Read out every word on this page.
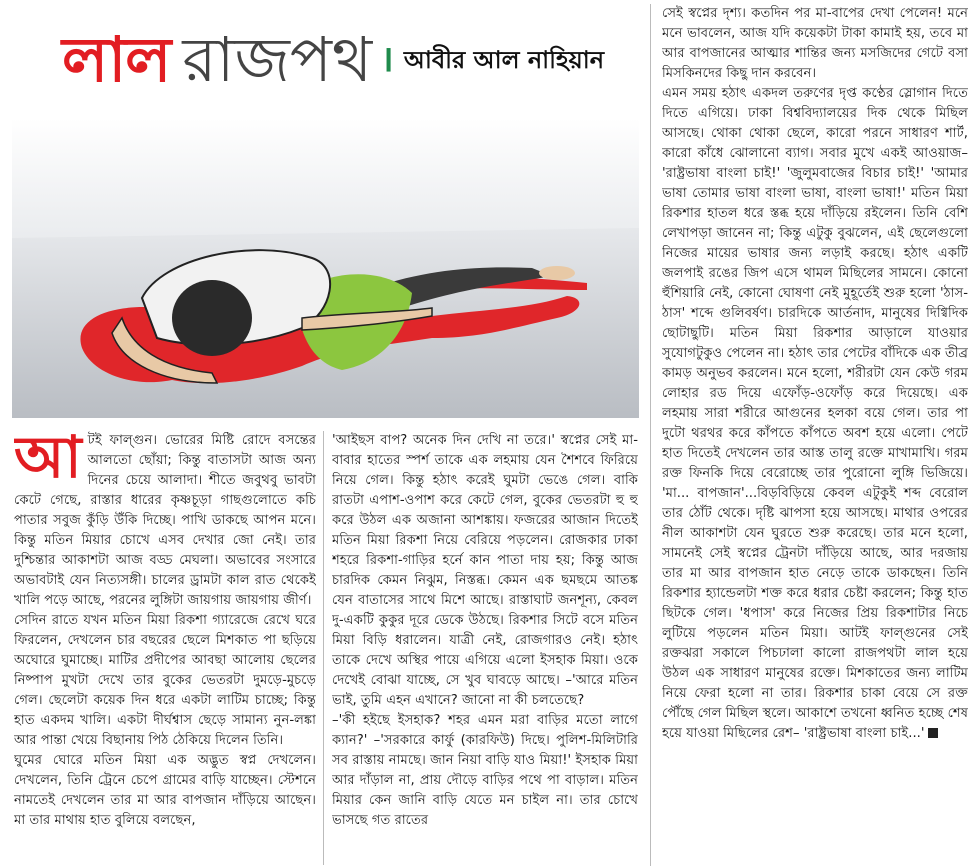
লাল রাজপথ । আবীর আল নাহিয়ান

আটই ফাল্গুন। ভোরের মিষ্টি রোদে বসন্তের আলতো ছোঁয়া; কিন্তু বাতাসটা আজ অন্য দিনের চেয়ে আলাদা। শীতে জবুথবু ভাবটা কেটে গেছে, রাস্তার ধারের কৃষ্ণচূড়া গাছগুলোতে কচি পাতার সবুজ কুঁড়ি উঁকি দিচ্ছে। পাখি ডাকছে আপন মনে। কিন্তু মতিন মিয়ার চোখে এসব দেখার জো নেই। তার দুশ্চিন্তার আকাশটা আজ বড্ড মেঘলা। অভাবের সংসারে অভাবটাই যেন নিত্যসঙ্গী। চালের ড্রামটা কাল রাত থেকেই খালি পড়ে আছে, পরনের লুঙ্গিটা জায়গায় জায়গায় জীর্ণ।

সেদিন রাতে যখন মতিন মিয়া রিকশা গ্যারেজে রেখে ঘরে ফিরলেন, দেখলেন চার বছরের ছেলে মিশকাত পা ছড়িয়ে অঘোরে ঘুমাচ্ছে। মাটির প্রদীপের আবছা আলোয় ছেলের নিষ্পাপ মুখটা দেখে তার বুকের ভেতরটা দুমড়ে-মুচড়ে গেল। ছেলেটা কয়েক দিন ধরে একটা লাটিম চাচ্ছে; কিন্তু হাত একদম খালি। একটা দীর্ঘশ্বাস ছেড়ে সামান্য নুন-লঙ্কা আর পান্তা খেয়ে বিছানায় পিঠ ঠেকিয়ে দিলেন তিনি।

ঘুমের ঘোরে মতিন মিয়া এক অদ্ভুত স্বপ্ন দেখলেন। দেখলেন, তিনি ট্রেনে চেপে গ্রামের বাড়ি যাচ্ছেন। স্টেশনে নামতেই দেখলেন তার মা আর বাপজান দাঁড়িয়ে আছেন। মা তার মাথায় হাত বুলিয়ে বলছেন,

'আইছস বাপ? অনেক দিন দেখি না তরে।' স্বপ্নের সেই মা-বাবার হাতের স্পর্শ তাকে এক লহমায় যেন শৈশবে ফিরিয়ে নিয়ে গেল। কিন্তু হঠাৎ করেই ঘুমটা ভেঙে গেল। বাকি রাতটা এপাশ-ওপাশ করে কেটে গেল, বুকের ভেতরটা হু হু করে উঠল এক অজানা আশঙ্কায়। ফজরের আজান দিতেই মতিন মিয়া রিকশা নিয়ে বেরিয়ে পড়লেন। রোজকার ঢাকা শহরে রিকশা-গাড়ির হর্নে কান পাতা দায় হয়; কিন্তু আজ চারদিক কেমন নিঝুম, নিস্তব্ধ। কেমন এক ছমছমে আতঙ্ক যেন বাতাসের সাথে মিশে আছে। রাস্তাঘাট জনশূন্য, কেবল দু-একটি কুকুর দূরে ডেকে উঠছে। রিকশার সিটে বসে মতিন মিয়া বিড়ি ধরালেন। যাত্রী নেই, রোজগারও নেই। হঠাৎ তাকে দেখে অস্থির পায়ে এগিয়ে এলো ইসহাক মিয়া। ওকে দেখেই বোঝা যাচ্ছে, সে খুব ঘাবড়ে আছে। –'আরে মতিন ভাই, তুমি এহন এখানে? জানো না কী চলতেছে?

–'কী হইছে ইসহাক? শহর এমন মরা বাড়ির মতো লাগে ক্যান?' –'সরকারে কার্ফু (কারফিউ) দিছে। পুলিশ-মিলিটারি সব রাস্তায় নামছে। জান নিয়া বাড়ি যাও মিয়া!' ইসহাক মিয়া আর দাঁড়াল না, প্রায় দৌড়ে বাড়ির পথে পা বাড়াল। মতিন মিয়ার কেন জানি বাড়ি যেতে মন চাইল না। তার চোখে ভাসছে গত রাতের

সেই স্বপ্নের দৃশ্য। কতদিন পর মা-বাপের দেখা পেলেন! মনে মনে ভাবলেন, আজ যদি কয়েকটা টাকা কামাই হয়, তবে মা আর বাপজানের আত্মার শান্তির জন্য মসজিদের গেটে বসা মিসকিনদের কিছু দান করবেন।

এমন সময় হঠাৎ একদল তরুণের দৃপ্ত কণ্ঠের স্লোগান দিতে দিতে এগিয়ে। ঢাকা বিশ্ববিদ্যালয়ের দিক থেকে মিছিল আসছে। থোকা থোকা ছেলে, কারো পরনে সাধারণ শার্ট, কারো কাঁধে ঝোলানো ব্যাগ। সবার মুখে একই আওয়াজ– 'রাষ্ট্রভাষা বাংলা চাই!' 'জুলুমবাজের বিচার চাই!' 'আমার ভাষা তোমার ভাষা বাংলা ভাষা, বাংলা ভাষা!' মতিন মিয়া রিকশার হাতল ধরে স্তব্ধ হয়ে দাঁড়িয়ে রইলেন। তিনি বেশি লেখাপড়া জানেন না; কিন্তু এটুকু বুঝলেন, এই ছেলেগুলো নিজের মায়ের ভাষার জন্য লড়াই করছে। হঠাৎ একটি জলপাই রঙের জিপ এসে থামল মিছিলের সামনে। কোনো হুঁশিয়ারি নেই, কোনো ঘোষণা নেই মুহূর্তেই শুরু হলো 'ঠাস-ঠাস' শব্দে গুলিবর্ষণ। চারদিকে আর্তনাদ, মানুষের দিগ্বিদিক ছোটাছুটি। মতিন মিয়া রিকশার আড়ালে যাওয়ার সুযোগটুকুও পেলেন না। হঠাৎ তার পেটের বাঁদিকে এক তীব্র কামড় অনুভব করলেন। মনে হলো, শরীরটা যেন কেউ গরম লোহার রড দিয়ে এফোঁড়-ওফোঁড় করে দিয়েছে। এক লহমায় সারা শরীরে আগুনের হলকা বয়ে গেল। তার পা দুটো থরথর করে কাঁপতে কাঁপতে অবশ হয়ে এলো। পেটে হাত দিতেই দেখলেন তার আস্ত তালু রক্তে মাখামাখি। গরম রক্ত ফিনকি দিয়ে বেরোচ্ছে তার পুরোনো লুঙ্গি ভিজিয়ে। 'মা... বাপজান'...বিড়বিড়িয়ে কেবল এটুকুই শব্দ বেরোল তার ঠোঁট থেকে। দৃষ্টি ঝাপসা হয়ে আসছে। মাথার ওপরের নীল আকাশটা যেন ঘুরতে শুরু করেছে। তার মনে হলো, সামনেই সেই স্বপ্নের ট্রেনটা দাঁড়িয়ে আছে, আর দরজায় তার মা আর বাপজান হাত নেড়ে তাকে ডাকছেন। তিনি রিকশার হ্যান্ডেলটা শক্ত করে ধরার চেষ্টা করলেন; কিন্তু হাত ছিটকে গেল। 'ধপাস' করে নিজের প্রিয় রিকশাটার নিচে লুটিয়ে পড়লেন মতিন মিয়া। আটই ফাল্গুনের সেই রক্তঝরা সকালে পিচঢালা কালো রাজপথটা লাল হয়ে উঠল এক সাধারণ মানুষের রক্তে। মিশকাতের জন্য লাটিম নিয়ে ফেরা হলো না তার। রিকশার চাকা বেয়ে সে রক্ত পৌঁছে গেল মিছিল স্থলে। আকাশে তখনো ধ্বনিত হচ্ছে শেষ হয়ে যাওয়া মিছিলের রেশ– 'রাষ্ট্রভাষা বাংলা চাই...'
